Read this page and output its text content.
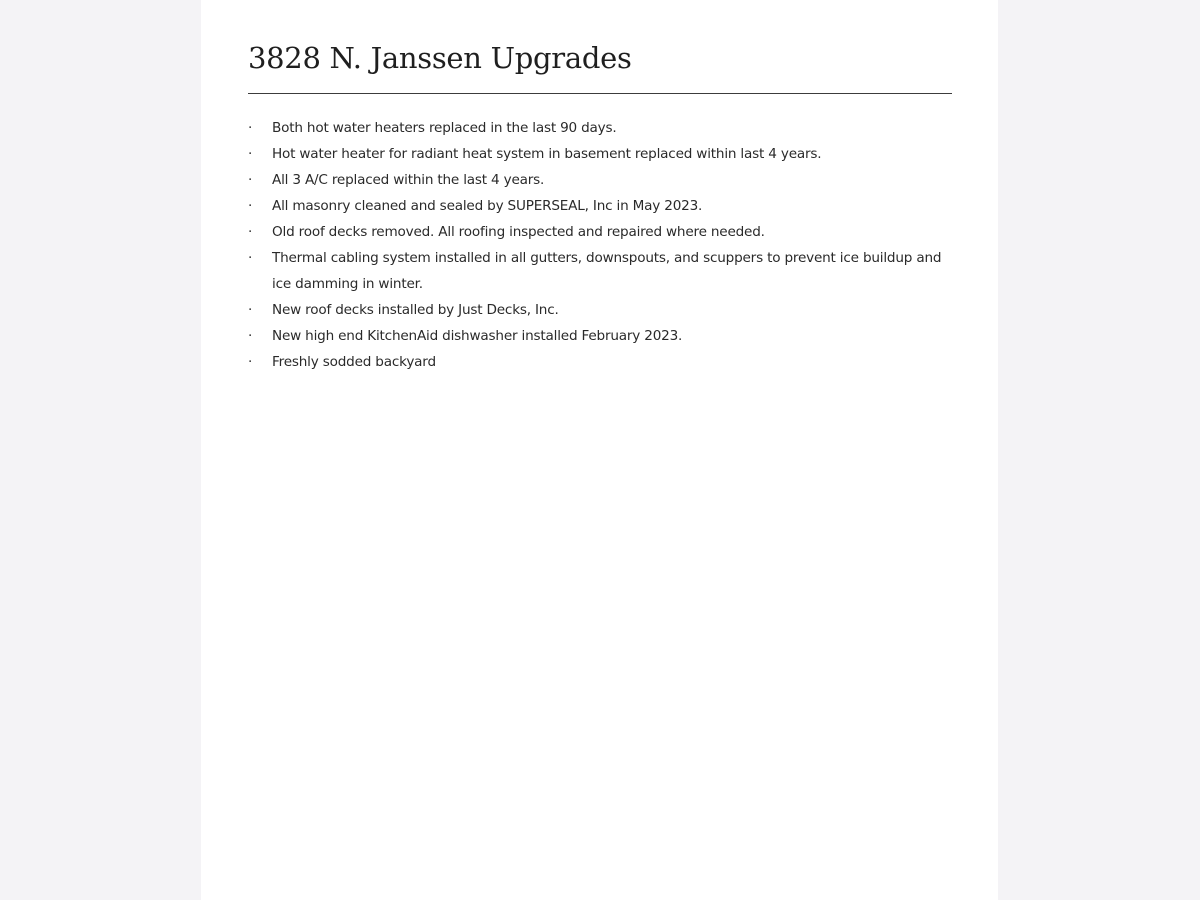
3828 N. Janssen Upgrades
·	Both hot water heaters replaced in the last 90 days.
·	Hot water heater for radiant heat system in basement replaced within last 4 years.
·	All 3 A/C replaced within the last 4 years.
·	All masonry cleaned and sealed by SUPERSEAL, Inc in May 2023.
·	Old roof decks removed. All roofing inspected and repaired where needed.
·	Thermal cabling system installed in all gutters, downspouts, and scuppers to prevent ice buildup and ice damming in winter.
·	New roof decks installed by Just Decks, Inc.
·	New high end KitchenAid dishwasher installed February 2023.
·	Freshly sodded backyard
